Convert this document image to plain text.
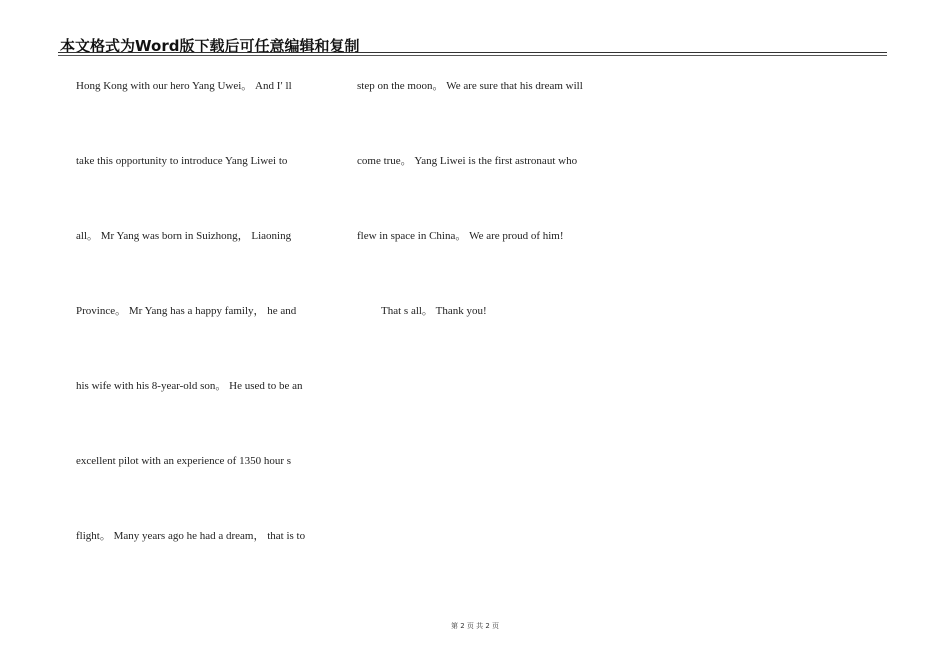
本文格式为Word版下载后可任意编辑和复制
Hong Kong with our hero Yang Uwei。 And I′ ll
take this opportunity to introduce Yang Liwei to
all。 Mr Yang was born in Suizhong， Liaoning
Province。 Mr Yang has a happy family， he and
his wife with his 8-year-old son。 He used to be an
excellent pilot with an experience of 1350 hour s
flight。 Many years ago he had a dream， that is to
step on the moon。 We are sure that his dream will
come true。 Yang Liwei is the first astronaut who
flew in space in China。 We are proud of him!
That s all。 Thank you!
第 2 页 共 2 页
